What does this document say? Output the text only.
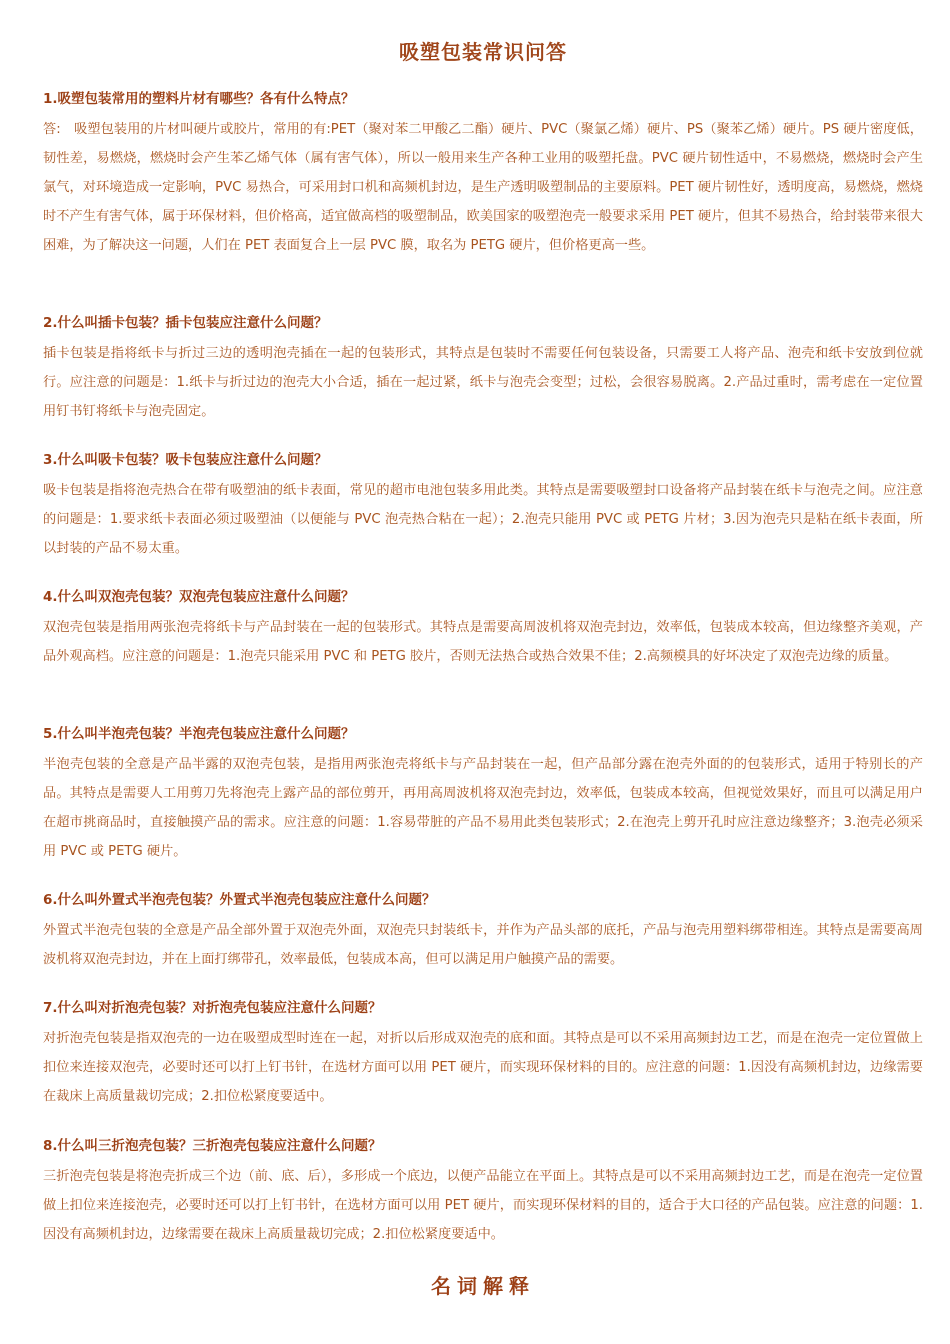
吸塑包装常识问答
1.吸塑包装常用的塑料片材有哪些？各有什么特点？
答:　吸塑包装用的片材叫硬片或胶片，常用的有:PET（聚对苯二甲酸乙二酯）硬片、PVC（聚氯乙烯）硬片、PS（聚苯乙烯）硬片。PS 硬片密度低，韧性差，易燃烧，燃烧时会产生苯乙烯气体（属有害气体），所以一般用来生产各种工业用的吸塑托盘。PVC 硬片韧性适中，不易燃烧，燃烧时会产生氯气，对环境造成一定影响，PVC 易热合，可采用封口机和高频机封边，是生产透明吸塑制品的主要原料。PET 硬片韧性好，透明度高，易燃烧，燃烧时不产生有害气体，属于环保材料，但价格高，适宜做高档的吸塑制品，欧美国家的吸塑泡壳一般要求采用 PET 硬片，但其不易热合，给封装带来很大困难，为了解决这一问题，人们在 PET 表面复合上一层 PVC 膜，取名为 PETG 硬片，但价格更高一些。
2.什么叫插卡包装？插卡包装应注意什么问题？
插卡包装是指将纸卡与折过三边的透明泡壳插在一起的包装形式，其特点是包装时不需要任何包装设备，只需要工人将产品、泡壳和纸卡安放到位就行。应注意的问题是：1.纸卡与折过边的泡壳大小合适，插在一起过紧，纸卡与泡壳会变型；过松，会很容易脱离。2.产品过重时，需考虑在一定位置用钉书钉将纸卡与泡壳固定。
3.什么叫吸卡包装？吸卡包装应注意什么问题？
吸卡包装是指将泡壳热合在带有吸塑油的纸卡表面，常见的超市电池包装多用此类。其特点是需要吸塑封口设备将产品封装在纸卡与泡壳之间。应注意的问题是：1.要求纸卡表面必须过吸塑油（以便能与 PVC 泡壳热合粘在一起）；2.泡壳只能用 PVC 或 PETG 片材；3.因为泡壳只是粘在纸卡表面，所以封装的产品不易太重。
4.什么叫双泡壳包装？双泡壳包装应注意什么问题？
双泡壳包装是指用两张泡壳将纸卡与产品封装在一起的包装形式。其特点是需要高周波机将双泡壳封边，效率低，包装成本较高，但边缘整齐美观，产品外观高档。应注意的问题是：1.泡壳只能采用 PVC 和 PETG 胶片，否则无法热合或热合效果不佳；2.高频模具的好坏决定了双泡壳边缘的质量。
5.什么叫半泡壳包装？半泡壳包装应注意什么问题？
半泡壳包装的全意是产品半露的双泡壳包装，是指用两张泡壳将纸卡与产品封装在一起，但产品部分露在泡壳外面的的包装形式，适用于特别长的产品。其特点是需要人工用剪刀先将泡壳上露产品的部位剪开，再用高周波机将双泡壳封边，效率低，包装成本较高，但视觉效果好，而且可以满足用户在超市挑商品时，直接触摸产品的需求。应注意的问题：1.容易带脏的产品不易用此类包装形式；2.在泡壳上剪开孔时应注意边缘整齐；3.泡壳必须采用 PVC 或 PETG 硬片。
6.什么叫外置式半泡壳包装？外置式半泡壳包装应注意什么问题？
外置式半泡壳包装的全意是产品全部外置于双泡壳外面，双泡壳只封装纸卡，并作为产品头部的底托，产品与泡壳用塑料绑带相连。其特点是需要高周波机将双泡壳封边，并在上面打绑带孔，效率最低，包装成本高，但可以满足用户触摸产品的需要。
7.什么叫对折泡壳包装？对折泡壳包装应注意什么问题？
对折泡壳包装是指双泡壳的一边在吸塑成型时连在一起，对折以后形成双泡壳的底和面。其特点是可以不采用高频封边工艺，而是在泡壳一定位置做上扣位来连接双泡壳，必要时还可以打上钉书针，在选材方面可以用 PET 硬片，而实现环保材料的目的。应注意的问题：1.因没有高频机封边，边缘需要在裁床上高质量裁切完成；2.扣位松紧度要适中。
8.什么叫三折泡壳包装？三折泡壳包装应注意什么问题？
三折泡壳包装是将泡壳折成三个边（前、底、后），多形成一个底边，以便产品能立在平面上。其特点是可以不采用高频封边工艺，而是在泡壳一定位置做上扣位来连接泡壳，必要时还可以打上钉书针，在选材方面可以用 PET 硬片，而实现环保材料的目的，适合于大口径的产品包装。应注意的问题：1.因没有高频机封边，边缘需要在裁床上高质量裁切完成；2.扣位松紧度要适中。
名词解释
